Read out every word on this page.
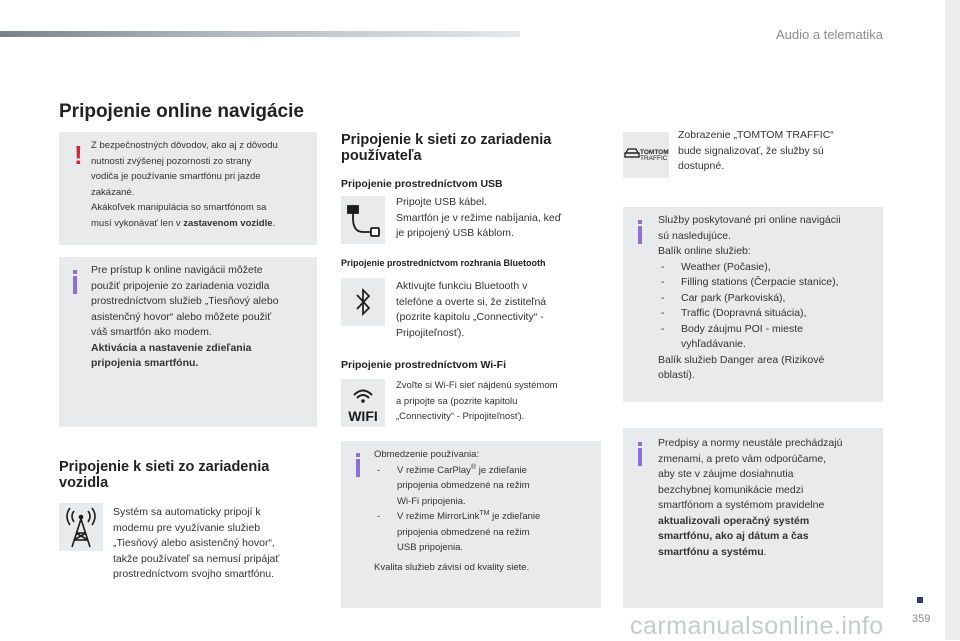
Audio a telematika
Pripojenie online navigácie
! Z bezpečnostných dôvodov, ako aj z dôvodu
nutnosti zvýšenej pozornosti zo strany
vodiča je používanie smartfónu pri jazde
zakázané.
Akákoľvek manipulácia so smartfónom sa
musí vykonávať len v zastavenom vozidle.
Pre prístup k online navigácii môžete
použiť pripojenie zo zariadenia vozidla
prostredníctvom služieb „Tiesňový alebo
asistenčný hovor“ alebo môžete použiť
váš smartfón ako modem.
Aktivácia a nastavenie zdieľania
pripojenia smartfónu.
Pripojenie k sieti zo zariadenia
vozidla
Systém sa automaticky pripojí k
modemu pre využívanie služieb
„Tiesňový alebo asistenčný hovor“,
takže používateľ sa nemusí pripájať
prostredníctvom svojho smartfónu.
Pripojenie k sieti zo zariadenia
používateľa
Pripojenie prostredníctvom USB
Pripojte USB kábel.
Smartfón je v režime nabíjania, keď
je pripojený USB káblom.
Pripojenie prostredníctvom rozhrania Bluetooth
Aktivujte funkciu Bluetooth v
telefóne a overte si, že zistiteľná
(pozrite kapitolu „Connectivity“ -
Pripojiteľnosť).
Pripojenie prostredníctvom Wi-Fi
WIFI
Zvoľte si Wi-Fi sieť nájdenú systémom
a pripojte sa (pozrite kapitolu
„Connectivity“ - Pripojiteľnosť).
Obmedzenie používania:
- V režime CarPlay® je zdieľanie
pripojenia obmedzené na režim
Wi-Fi pripojenia.
- V režime MirrorLink™ je zdieľanie
pripojenia obmedzené na režim
USB pripojenia.
Kvalita služieb závisí od kvality siete.
TOMTOM
TRAFFIC
Zobrazenie „TOMTOM TRAFFIC“
bude signalizovať, že služby sú
dostupné.
Služby poskytované pri online navigácii
sú nasledujúce.
Balík online služieb:
- Weather (Počasie),
- Filling stations (Čerpacie stanice),
- Car park (Parkoviská),
- Traffic (Dopravná situácia),
- Body záujmu POI - mieste
vyhľadávanie.
Balík služieb Danger area (Rizikové
oblasti).
Predpisy a normy neustále prechádzajú
zmenami, a preto vám odporúčame,
aby ste v záujme dosiahnutia
bezchybnej komunikácie medzi
smartfónom a systémom pravidelne
aktualizovali operačný systém
smartfónu, ako aj dátum a čas
smartfónu a systému.
359
carmanualsonline.info
